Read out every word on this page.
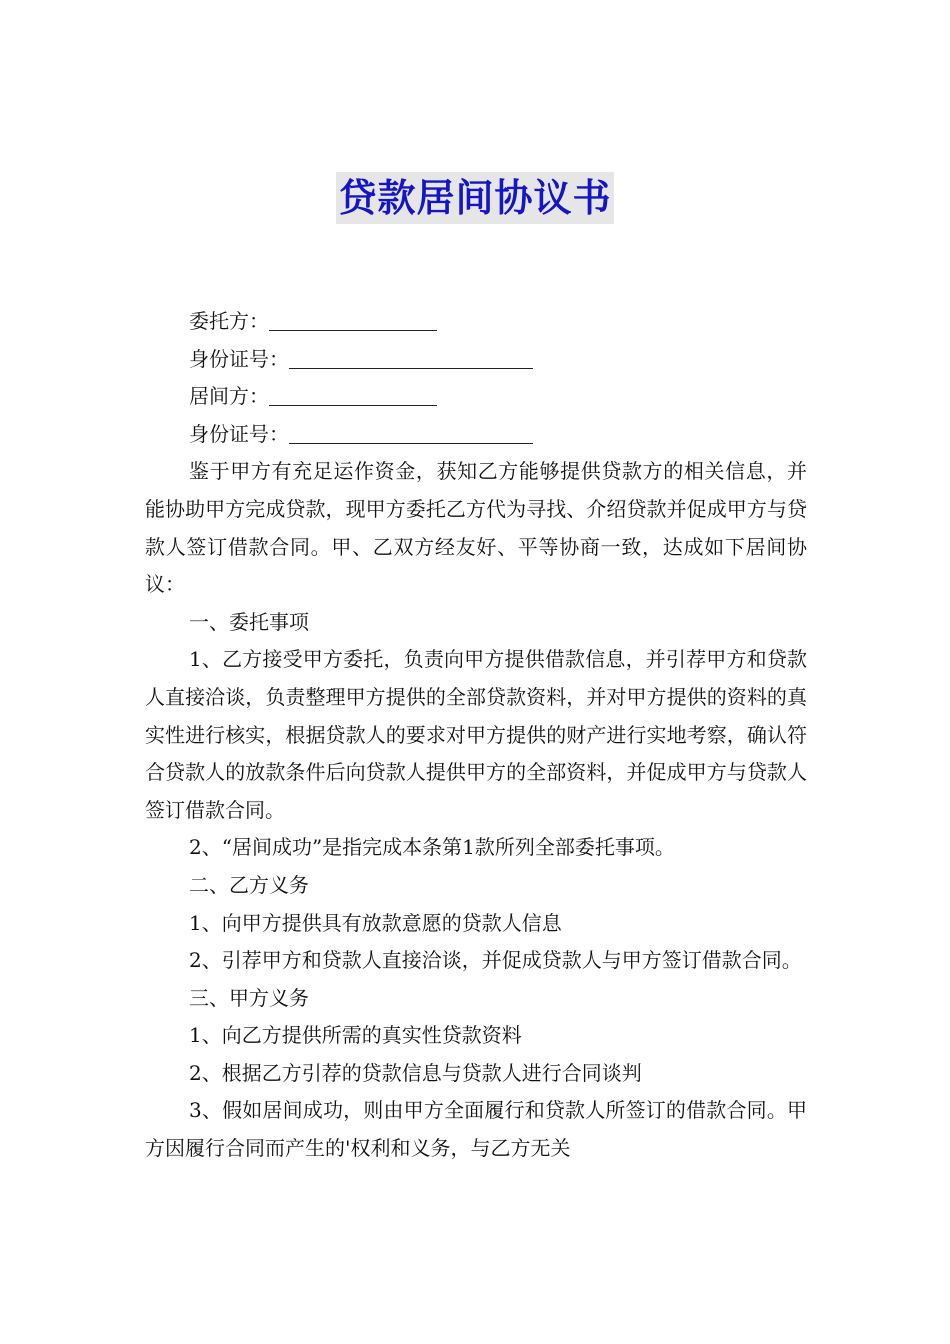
贷款居间协议书
委托方：
身份证号：
居间方：
身份证号：
鉴于甲方有充足运作资金，获知乙方能够提供贷款方的相关信息，并能协助甲方完成贷款，现甲方委托乙方代为寻找、介绍贷款并促成甲方与贷款人签订借款合同。甲、乙双方经友好、平等协商一致，达成如下居间协议：
一、委托事项
1、乙方接受甲方委托，负责向甲方提供借款信息，并引荐甲方和贷款人直接洽谈，负责整理甲方提供的全部贷款资料，并对甲方提供的资料的真实性进行核实，根据贷款人的要求对甲方提供的财产进行实地考察，确认符合贷款人的放款条件后向贷款人提供甲方的全部资料，并促成甲方与贷款人签订借款合同。
2、“居间成功”是指完成本条第1款所列全部委托事项。
二、乙方义务
1、向甲方提供具有放款意愿的贷款人信息
2、引荐甲方和贷款人直接洽谈，并促成贷款人与甲方签订借款合同。
三、甲方义务
1、向乙方提供所需的真实性贷款资料
2、根据乙方引荐的贷款信息与贷款人进行合同谈判
3、假如居间成功，则由甲方全面履行和贷款人所签订的借款合同。甲方因履行合同而产生的'权利和义务，与乙方无关
